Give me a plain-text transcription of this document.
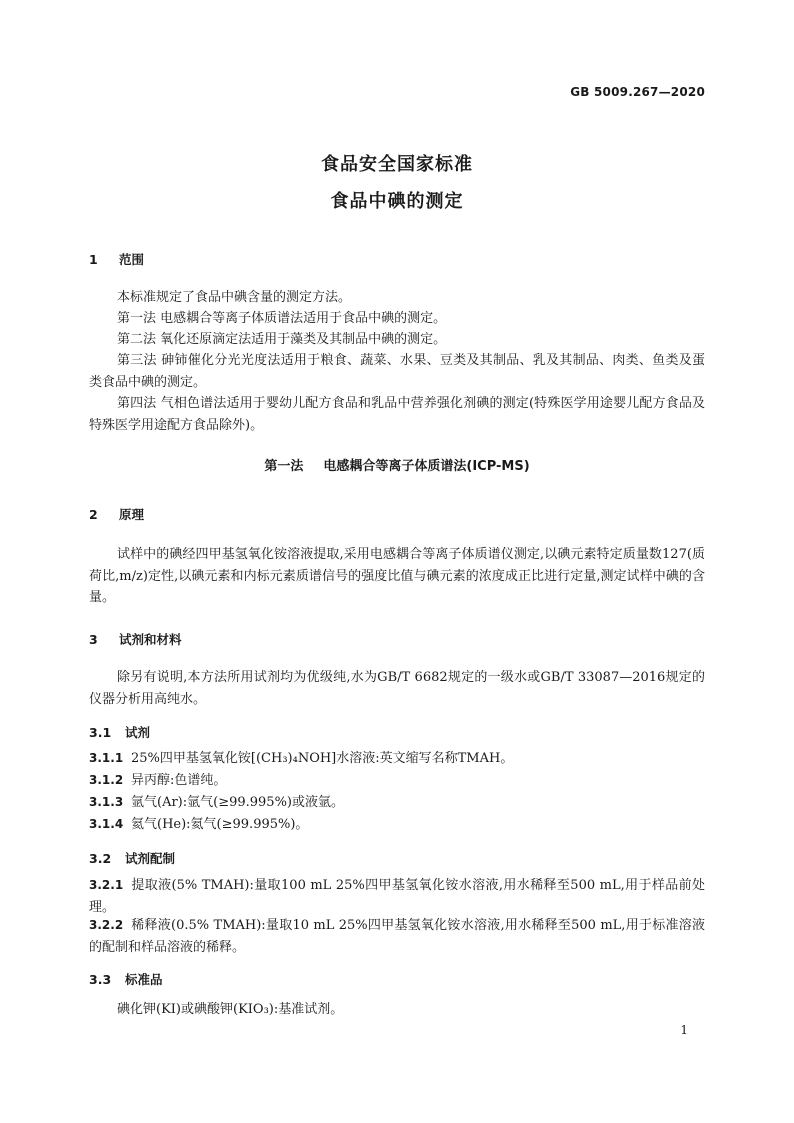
GB 5009.267—2020
食品安全国家标准
食品中碘的测定
1 范围
本标准规定了食品中碘含量的测定方法。
第一法 电感耦合等离子体质谱法适用于食品中碘的测定。
第二法 氧化还原滴定法适用于藻类及其制品中碘的测定。
第三法 砷铈催化分光光度法适用于粮食、蔬菜、水果、豆类及其制品、乳及其制品、肉类、鱼类及蛋类食品中碘的测定。
第四法 气相色谱法适用于婴幼儿配方食品和乳品中营养强化剂碘的测定(特殊医学用途婴儿配方食品及特殊医学用途配方食品除外)。
第一法 电感耦合等离子体质谱法(ICP-MS)
2 原理
试样中的碘经四甲基氢氧化铵溶液提取,采用电感耦合等离子体质谱仪测定,以碘元素特定质量数127(质荷比,m/z)定性,以碘元素和内标元素质谱信号的强度比值与碘元素的浓度成正比进行定量,测定试样中碘的含量。
3 试剂和材料
除另有说明,本方法所用试剂均为优级纯,水为GB/T 6682规定的一级水或GB/T 33087—2016规定的仪器分析用高纯水。
3.1 试剂
3.1.1 25%四甲基氢氧化铵[(CH₃)₄NOH]水溶液:英文缩写名称TMAH。
3.1.2 异丙醇:色谱纯。
3.1.3 氩气(Ar):氩气(≥99.995%)或液氩。
3.1.4 氦气(He):氦气(≥99.995%)。
3.2 试剂配制
3.2.1 提取液(5% TMAH):量取100 mL 25%四甲基氢氧化铵水溶液,用水稀释至500 mL,用于样品前处理。
3.2.2 稀释液(0.5% TMAH):量取10 mL 25%四甲基氢氧化铵水溶液,用水稀释至500 mL,用于标准溶液的配制和样品溶液的稀释。
3.3 标准品
碘化钾(KI)或碘酸钾(KIO₃):基准试剂。
1
